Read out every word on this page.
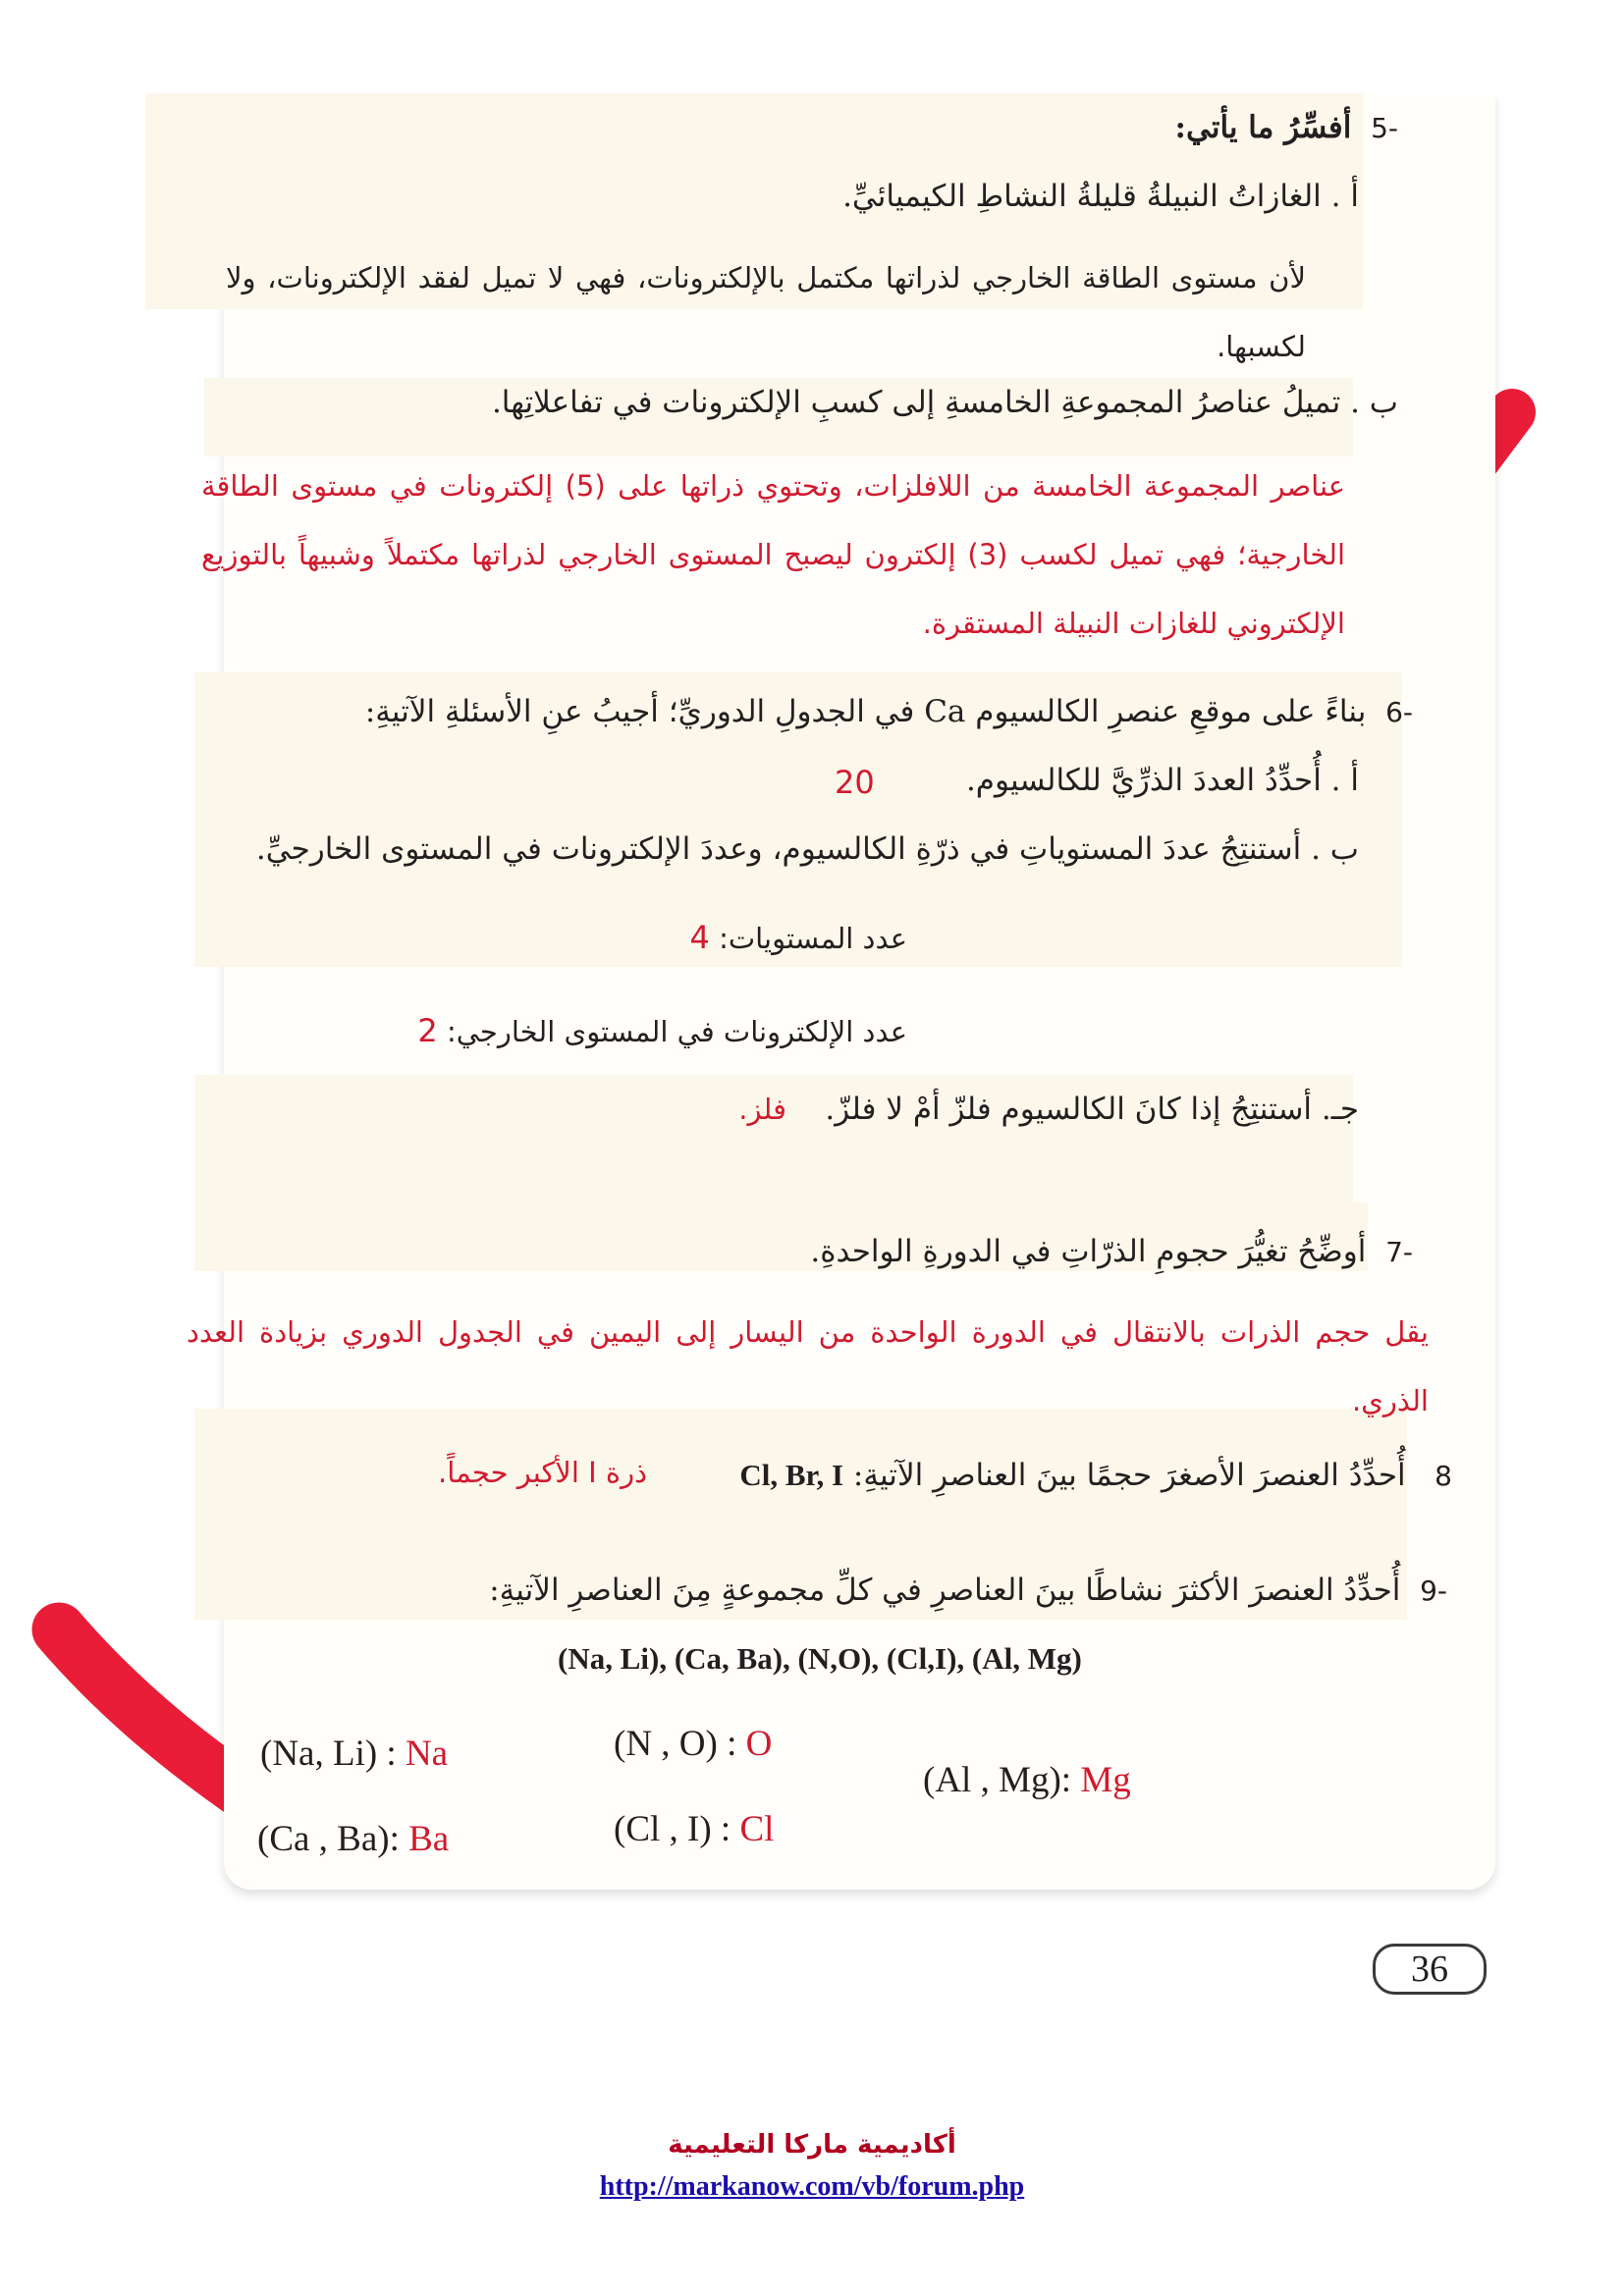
-5  أفسِّرُ ما يأتي:
أ . الغازاتُ النبيلةُ قليلةُ النشاطِ الكيميائيِّ.
لأن مستوى الطاقة الخارجي لذراتها مكتمل بالإلكترونات، فهي لا تميل لفقد الإلكترونات، ولا لكسبها.
ب . تميلُ عناصرُ المجموعةِ الخامسةِ إلى كسبِ الإلكترونات في تفاعلاتِها.
عناصر المجموعة الخامسة من اللافلزات، وتحتوي ذراتها على (5) إلكترونات في مستوى الطاقة الخارجية؛ فهي تميل لكسب (3) إلكترون ليصبح المستوى الخارجي لذراتها مكتملاً وشبيهاً بالتوزيع الإلكتروني للغازات النبيلة المستقرة.
-6  بناءً على موقعِ عنصرِ الكالسيوم Ca في الجدولِ الدوريِّ؛ أجيبُ عنِ الأسئلةِ الآتيةِ:
أ . أُحدِّدُ العددَ الذرِّيَّ للكالسيوم.
20
ب . أستنتِجُ عددَ المستوياتِ في ذرّةِ الكالسيوم، وعددَ الإلكترونات في المستوى الخارجيِّ.
عدد المستويات: 4
عدد الإلكترونات في المستوى الخارجي: 2
جـ. أستنتِجُ إذا كانَ الكالسيوم فلزّ أمْ لا فلزّ.    فلز.
-7  أوضِّحُ تغيُّرَ حجومِ الذرّاتِ في الدورةِ الواحدةِ.
يقل حجم الذرات بالانتقال في الدورة الواحدة من اليسار إلى اليمين في الجدول الدوري بزيادة العدد الذري.
8   أُحدِّدُ العنصرَ الأصغرَ حجمًا بينَ العناصرِ الآتيةِ: Cl, Br, I
ذرة I الأكبر حجماً.
-9  أُحدِّدُ العنصرَ الأكثرَ نشاطًا بينَ العناصرِ في كلِّ مجموعةٍ مِنَ العناصرِ الآتيةِ:
(Na, Li), (Ca, Ba), (N,O), (Cl,I), (Al, Mg)
(Na, Li) : Na
(Ca , Ba): Ba
(N , O) : O
(Cl , I) : Cl
(Al , Mg): Mg
36
أكاديمية ماركا التعليمية
http://markanow.com/vb/forum.php
